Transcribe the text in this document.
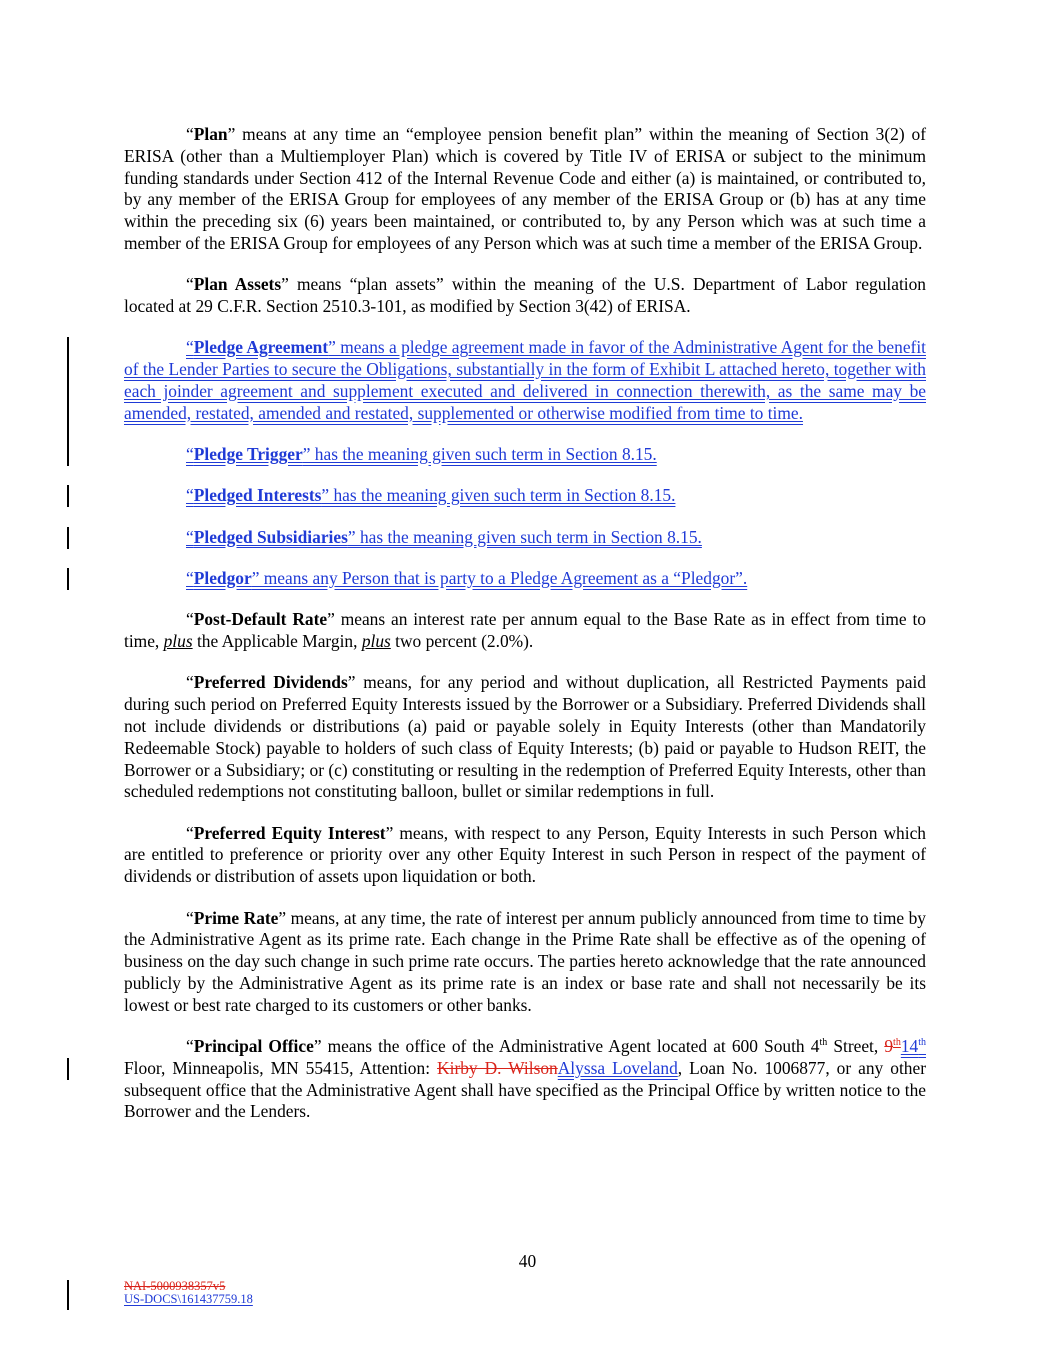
“Plan” means at any time an “employee pension benefit plan” within the meaning of Section 3(2) of ERISA (other than a Multiemployer Plan) which is covered by Title IV of ERISA or subject to the minimum funding standards under Section 412 of the Internal Revenue Code and either (a) is maintained, or contributed to, by any member of the ERISA Group for employees of any member of the ERISA Group or (b) has at any time within the preceding six (6) years been maintained, or contributed to, by any Person which was at such time a member of the ERISA Group for employees of any Person which was at such time a member of the ERISA Group.

“Plan Assets” means “plan assets” within the meaning of the U.S. Department of Labor regulation located at 29 C.F.R. Section 2510.3-101, as modified by Section 3(42) of ERISA.

“Pledge Agreement” means a pledge agreement made in favor of the Administrative Agent for the benefit of the Lender Parties to secure the Obligations, substantially in the form of Exhibit L attached hereto, together with each joinder agreement and supplement executed and delivered in connection therewith, as the same may be amended, restated, amended and restated, supplemented or otherwise modified from time to time.

“Pledge Trigger” has the meaning given such term in Section 8.15.

“Pledged Interests” has the meaning given such term in Section 8.15.

“Pledged Subsidiaries” has the meaning given such term in Section 8.15.

“Pledgor” means any Person that is party to a Pledge Agreement as a “Pledgor”.

“Post-Default Rate” means an interest rate per annum equal to the Base Rate as in effect from time to time, plus the Applicable Margin, plus two percent (2.0%).

“Preferred Dividends” means, for any period and without duplication, all Restricted Payments paid during such period on Preferred Equity Interests issued by the Borrower or a Subsidiary. Preferred Dividends shall not include dividends or distributions (a) paid or payable solely in Equity Interests (other than Mandatorily Redeemable Stock) payable to holders of such class of Equity Interests; (b) paid or payable to Hudson REIT, the Borrower or a Subsidiary; or (c) constituting or resulting in the redemption of Preferred Equity Interests, other than scheduled redemptions not constituting balloon, bullet or similar redemptions in full.

“Preferred Equity Interest” means, with respect to any Person, Equity Interests in such Person which are entitled to preference or priority over any other Equity Interest in such Person in respect of the payment of dividends or distribution of assets upon liquidation or both.

“Prime Rate” means, at any time, the rate of interest per annum publicly announced from time to time by the Administrative Agent as its prime rate. Each change in the Prime Rate shall be effective as of the opening of business on the day such change in such prime rate occurs. The parties hereto acknowledge that the rate announced publicly by the Administrative Agent as its prime rate is an index or base rate and shall not necessarily be its lowest or best rate charged to its customers or other banks.

“Principal Office” means the office of the Administrative Agent located at 600 South 4th Street, 9th14th Floor, Minneapolis, MN 55415, Attention: Kirby D. WilsonAlyssa Loveland, Loan No. 1006877, or any other subsequent office that the Administrative Agent shall have specified as the Principal Office by written notice to the Borrower and the Lenders.

40
NAI-5000938357v5
US-DOCS\161437759.18
